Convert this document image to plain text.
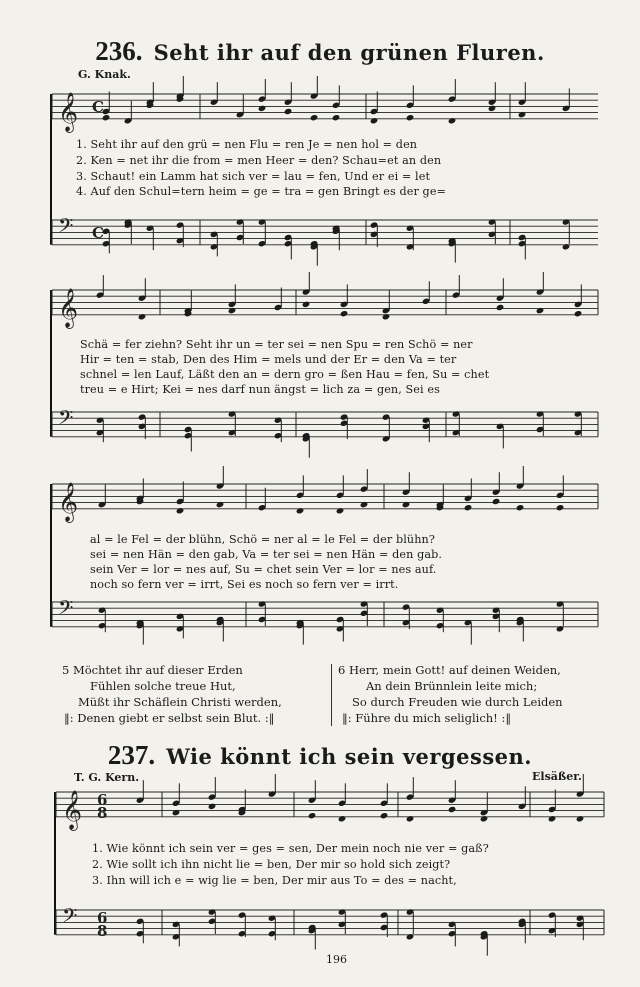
236. Seht ihr auf den grünen Fluren.
G. Knak.
𝄞
𝄢
𝄞
𝄢
𝄞
𝄢
𝄞
𝄢
C
C
6
8
6
8
1. Seht ihr auf den grü = nen Flu = ren Je = nen hol = den
2. Ken = net ihr die from = men Heer = den? Schau=et an den
3. Schaut! ein Lamm hat sich ver = lau = fen, Und er ei = let
4. Auf den Schul=tern heim = ge = tra = gen Bringt es der ge=
Schä = fer ziehn? Seht ihr un = ter sei = nen Spu = ren Schö = ner
Hir = ten = stab, Den des Him = mels und der Er = den Va = ter
schnel = len Lauf, Läßt den an = dern gro = ßen Hau = fen, Su = chet
treu = e Hirt; Kei = nes darf nun ängst = lich za = gen, Sei es
al = le Fel = der blühn, Schö = ner al = le Fel = der blühn?
sei = nen Hän = den gab, Va = ter sei = nen Hän = den gab.
sein Ver = lor = nes auf, Su = chet sein Ver = lor = nes auf.
noch so fern ver = irrt, Sei es noch so fern ver = irrt.
5 Möchtet ihr auf dieser Erden
Fühlen solche treue Hut,
Müßt ihr Schäflein Christi werden,
‖: Denen giebt er selbst sein Blut. :‖
6 Herr, mein Gott! auf deinen Weiden,
An dein Brünnlein leite mich;
So durch Freuden wie durch Leiden
‖: Führe du mich seliglich! :‖
237. Wie könnt ich sein vergessen.
T. G. Kern.	Elsäßer.
1. Wie könnt ich sein ver = ges = sen, Der mein noch nie ver = gaß?
2. Wie sollt ich ihn nicht lie = ben, Der mir so hold sich zeigt?
3. Ihn will ich e = wig lie = ben, Der mir aus To = des = nacht,
196
